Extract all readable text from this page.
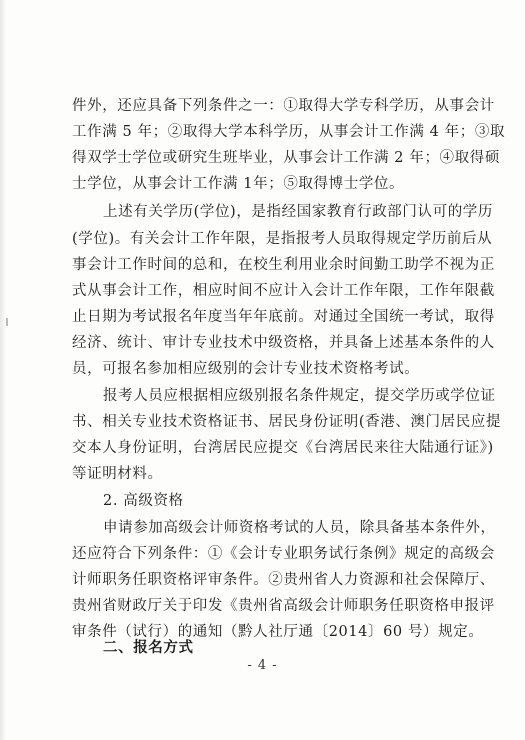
件外，还应具备下列条件之一：①取得大学专科学历，从事会计
工作满 5 年；②取得大学本科学历，从事会计工作满 4 年；③取
得双学士学位或研究生班毕业，从事会计工作满 2 年；④取得硕
士学位，从事会计工作满 1年；⑤取得博士学位。
上述有关学历(学位)，是指经国家教育行政部门认可的学历
(学位)。有关会计工作年限，是指报考人员取得规定学历前后从
事会计工作时间的总和，在校生利用业余时间勤工助学不视为正
式从事会计工作，相应时间不应计入会计工作年限，工作年限截
止日期为考试报名年度当年年底前。对通过全国统一考试，取得
经济、统计、审计专业技术中级资格，并具备上述基本条件的人
员，可报名参加相应级别的会计专业技术资格考试。
报考人员应根据相应级别报名条件规定，提交学历或学位证
书、相关专业技术资格证书、居民身份证明(香港、澳门居民应提
交本人身份证明，台湾居民应提交《台湾居民来往大陆通行证》)
等证明材料。
2. 高级资格
申请参加高级会计师资格考试的人员，除具备基本条件外，
还应符合下列条件：①《会计专业职务试行条例》规定的高级会
计师职务任职资格评审条件。②贵州省人力资源和社会保障厅、
贵州省财政厅关于印发《贵州省高级会计师职务任职资格申报评
审条件（试行）的通知（黔人社厅通〔2014〕60 号）规定。
二、报名方式
- 4 -
